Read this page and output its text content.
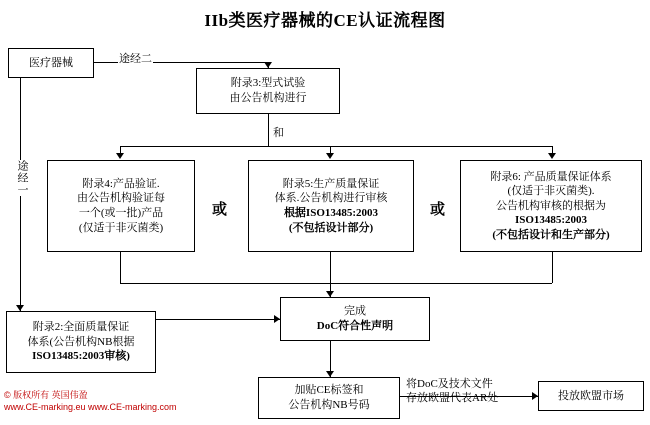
IIb类医疗器械的CE认证流程图
医疗器械
附录3:型式试验
由公告机构进行
附录4:产品验证.
由公告机构验证每
一个(或一批)产品
(仅适于非灭菌类)
附录5:生产质量保证
体系.公告机构进行审核
根据ISO13485:2003
(不包括设计部分)
附录6: 产品质量保证体系
(仅适于非灭菌类).
公告机构审核的根据为
ISO13485:2003
(不包括设计和生产部分)
附录2:全面质量保证
体系(公告机构NB根据
ISO13485:2003审核)
完成
DoC符合性声明
加贴CE标签和
公告机构NB号码
投放欧盟市场
途经二
和
或	或
途经一
将DoC及技术文件
存放欧盟代表AR处
© 版权所有 英国伟盈
www.CE-marking.eu www.CE-marking.com
